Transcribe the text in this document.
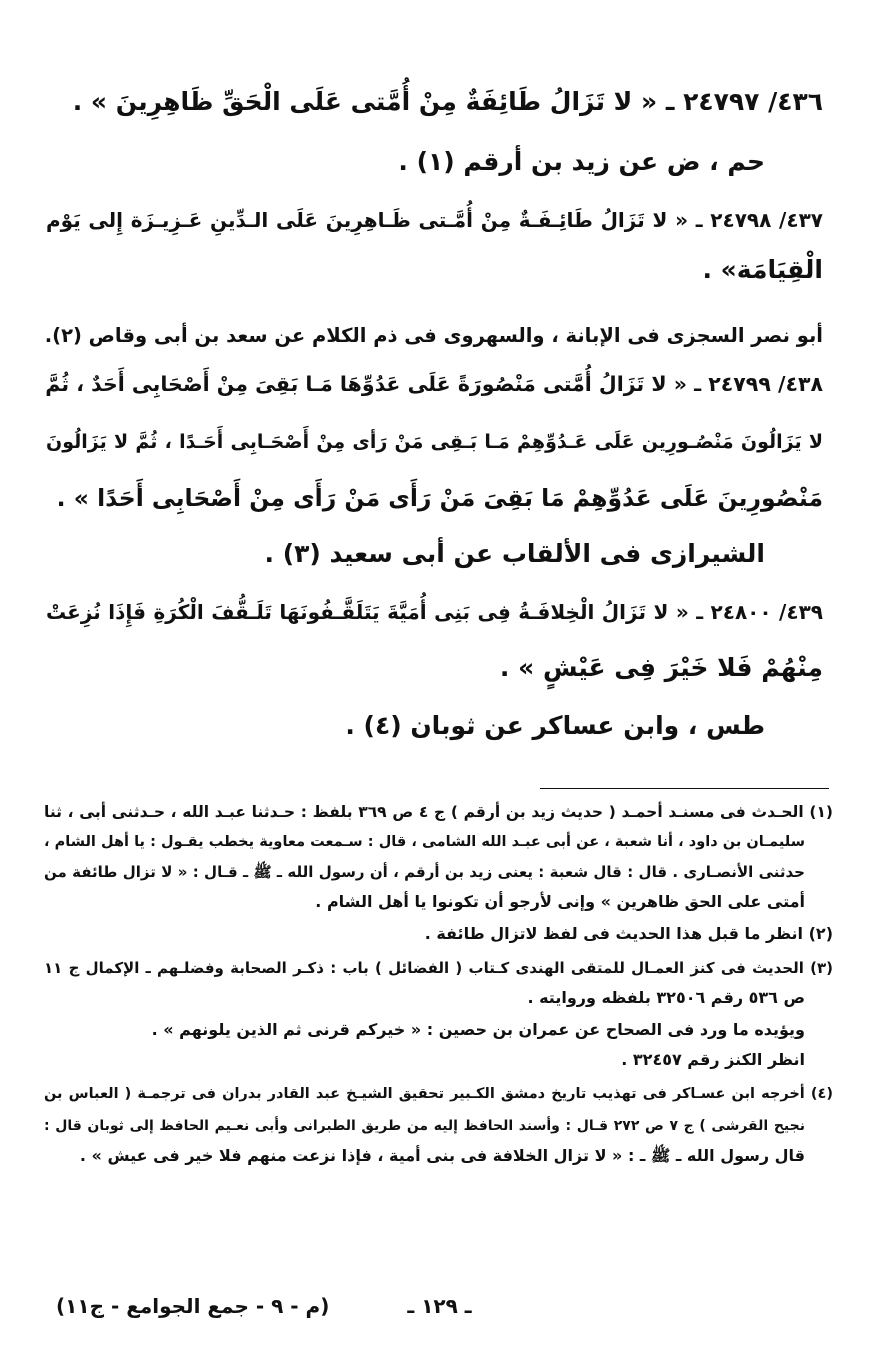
٤٣٦/ ٢٤٧٩٧ ـ « لا تَزَالُ طَائِفَةٌ مِنْ أُمَّتى عَلَى الْحَقِّ ظَاهِرِينَ » .
حم ، ض عن زيد بن أرقم (١) .
٤٣٧/ ٢٤٧٩٨ ـ « لا تَزَالُ طَائِـفَـةٌ مِنْ أُمَّـتى ظَـاهِرِينَ عَلَى الـدِّينِ عَـزِيـزَة إِلى يَوْم
الْقِيَامَة» .
أبو نصر السجزى فى الإبانة ، والسهروى فى ذم الكلام عن سعد بن أبى وقاص (٢).
٤٣٨/ ٢٤٧٩٩ ـ « لا تَزَالُ أُمَّتى مَنْصُورَةً عَلَى عَدُوِّهَا مَـا بَقِىَ مِنْ أَصْحَابِى أَحَدٌ ، ثُمَّ
لا يَزَالُونَ مَنْصُـورِين عَلَى عَـدُوِّهِمْ مَـا بَـقِى مَنْ رَأى مِنْ أَصْحَـابِى أَحَـدًا ، ثُمَّ لا يَزَالُونَ
مَنْصُورِينَ عَلَى عَدُوِّهِمْ مَا بَقِىَ مَنْ رَأَى مَنْ رَأَى مِنْ أَصْحَابِى أَحَدًا » .
الشيرازى فى الألقاب عن أبى سعيد (٣) .
٤٣٩/ ٢٤٨٠٠ ـ « لا تَزَالُ الْخِلافَـةُ فِى بَنِى أُمَيَّةَ يَتَلَقَّـفُونَهَا تَلَـقُّفَ الْكُرَةِ فَإِذَا نُزِعَتْ
مِنْهُمْ فَلا خَيْرَ فِى عَيْشٍ » .
طس ، وابن عساكر عن ثوبان (٤) .
(١) الحـدث فى مسنـد أحمـد ( حديث زيد بن أرقم ) ج ٤ ص ٣٦٩ بلفظ : حـدثنا عبـد الله ، حـدثنى أبى ، ثنا
سليمـان بن داود ، أنا شعبة ، عن أبى عبـد الله الشامى ، قال : سـمعت معاوية يخطب يقـول : يا أهل الشام ،
حدثنى الأنصـارى . قال : قال شعبة : يعنى زيد بن أرقم ، أن رسول الله ـ ﷺ ـ قـال : « لا تزال طائفة من
أمتى على الحق ظاهرين » وإنى لأرجو أن تكونوا يا أهل الشام .
(٢) انظر ما قبل هذا الحديث فى لفظ لاتزال طائفة .
(٣) الحديث فى كنز العمـال للمتقى الهندى كـتاب ( الفضائل ) باب : ذكـر الصحابة وفضلـهم ـ الإكمال ج ١١
ص ٥٣٦ رقم ٣٢٥٠٦ بلفظه وروايته .
ويؤيده ما ورد فى الصحاح عن عمران بن حصين : « خيركم قرنى ثم الذين يلونهم » .
انظر الكنز رقم ٣٢٤٥٧ .
(٤) أخرجه ابن عسـاكر فى تهذيب تاريخ دمشق الكـبير تحقيق الشيـخ عبد القادر بدران فى ترجمـة ( العباس بن
نجيح القرشى ) ج ٧ ص ٢٧٢ قـال : وأسند الحافظ إليه من طريق الطبرانى وأبى نعـيم الحافظ إلى ثوبان قال :
قال رسول الله ـ ﷺ ـ : « لا تزال الخلافة فى بنى أمية ، فإذا نزعت منهم فلا خير فى عيش » .
ـ ١٢٩ ـ
(م - ٩ - جمع الجوامع - ج١١)
